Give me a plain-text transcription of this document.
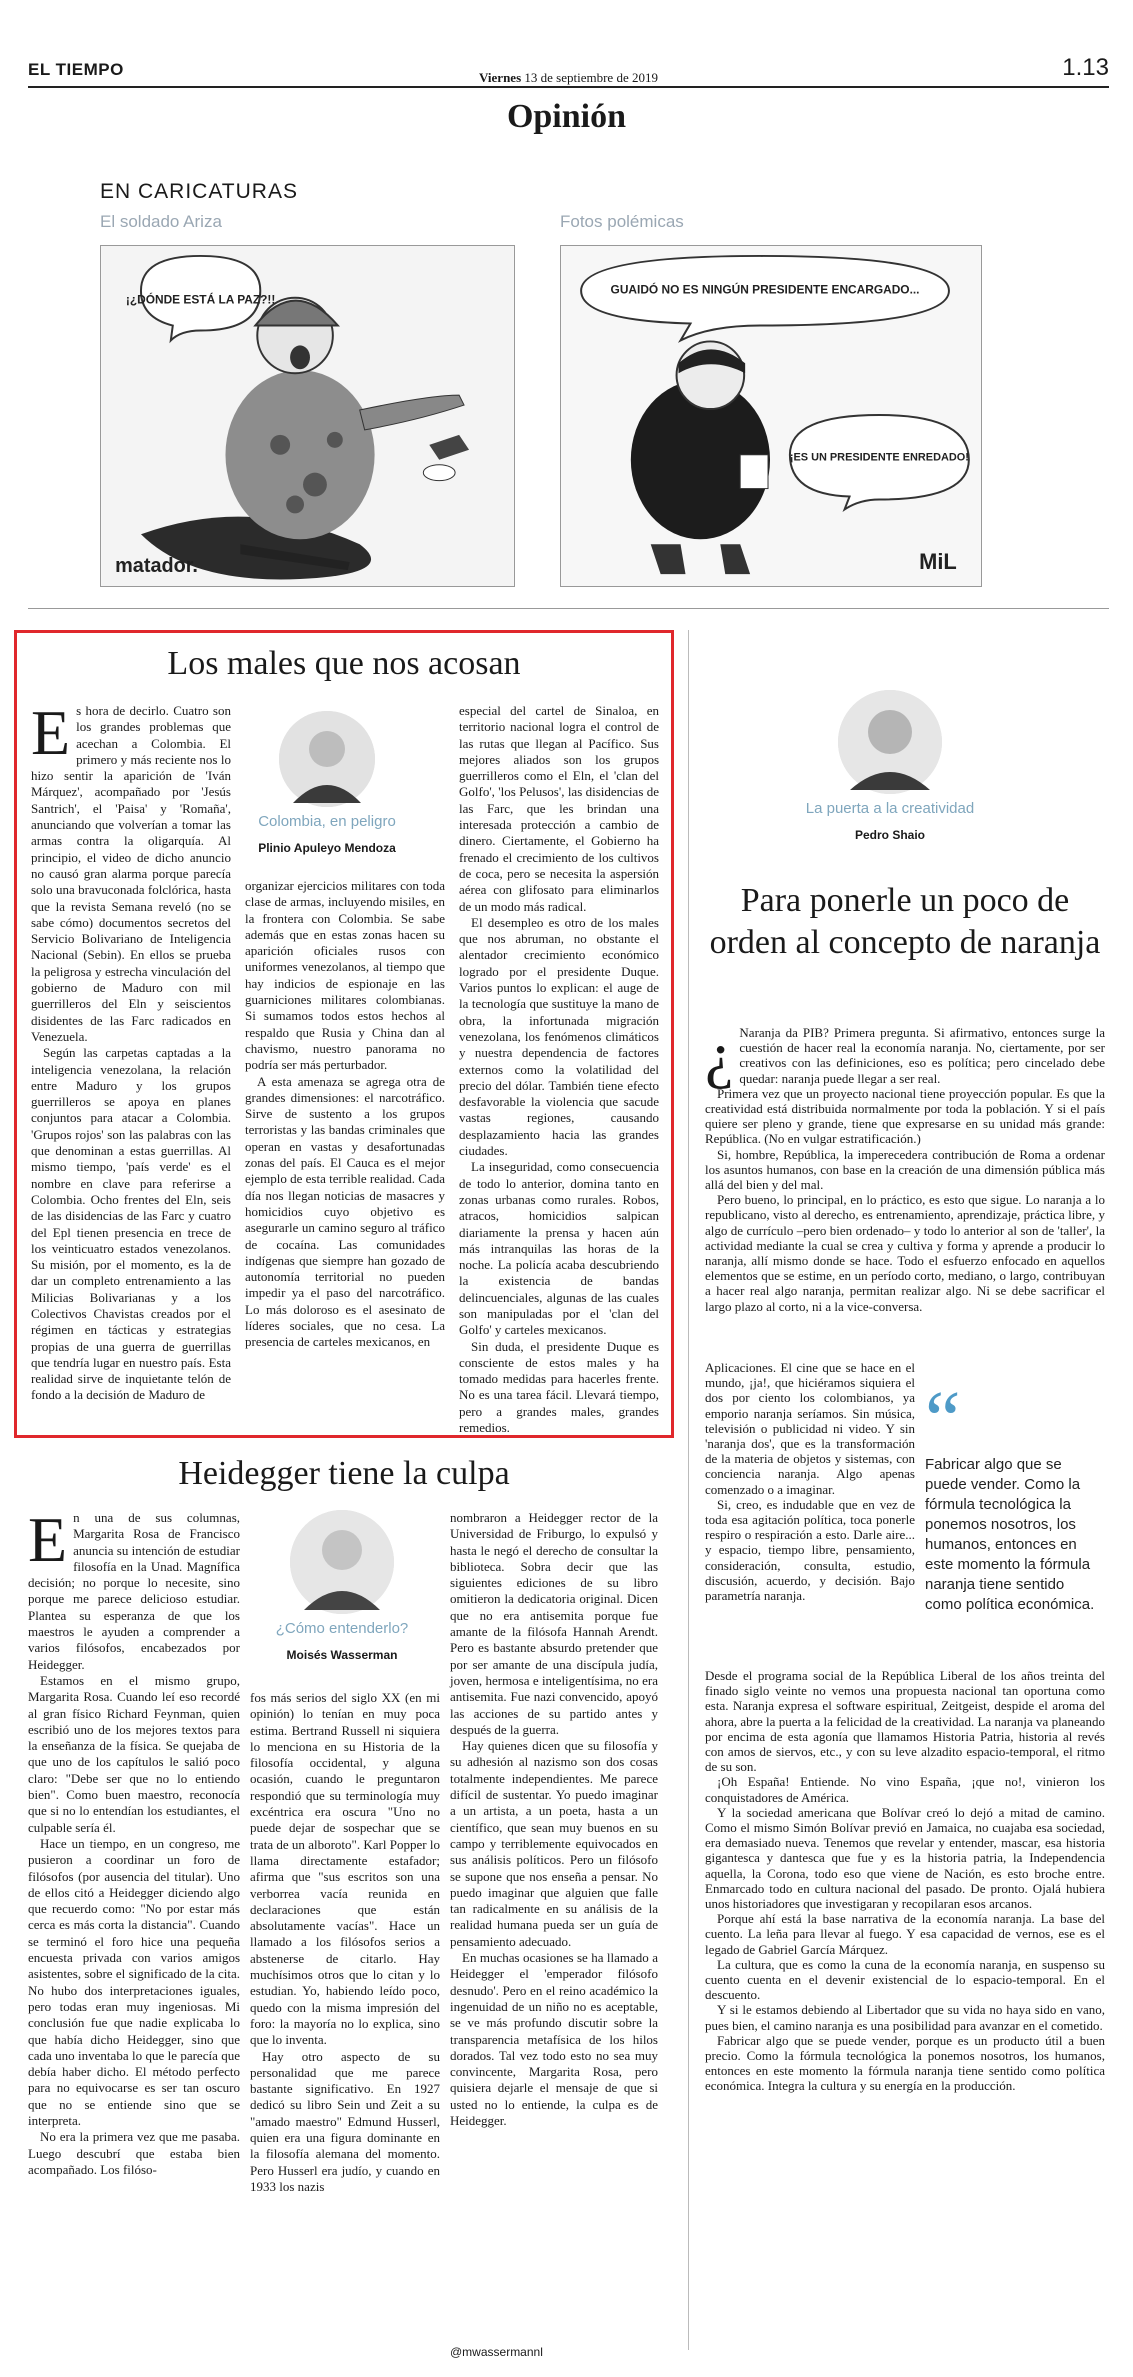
EL TIEMPO	Viernes 13 de septiembre de 2019	1.13
Opinión
EN CARICATURAS
El soldado Ariza	Fotos polémicas
¡¿DÓNDE ESTÁ LA PAZ?!!
matador.
GUAIDÓ NO ES NINGÚN PRESIDENTE ENCARGADO...
¡ES UN PRESIDENTE ENREDADO!
MiL
Los males que nos acosan
Colombia, en peligro
Plinio Apuleyo Mendoza

Es hora de decirlo. Cuatro son los grandes problemas que acechan a Colombia. El primero y más reciente nos lo hizo sentir la aparición de 'Iván Márquez', acompañado por 'Jesús Santrich', el 'Paisa' y 'Romaña', anunciando que volverían a tomar las armas contra la oligarquía. Al principio, el video de dicho anuncio no causó gran alarma porque parecía solo una bravuconada folclórica, hasta que la revista Semana reveló (no se sabe cómo) documentos secretos del Servicio Bolivariano de Inteligencia Nacional (Sebin). En ellos se prueba la peligrosa y estrecha vinculación del gobierno de Maduro con mil guerrilleros del Eln y seiscientos disidentes de las Farc radicados en Venezuela.

Según las carpetas captadas a la inteligencia venezolana, la relación entre Maduro y los grupos guerrilleros se apoya en planes conjuntos para atacar a Colombia. 'Grupos rojos' son las palabras con las que denominan a estas guerrillas. Al mismo tiempo, 'país verde' es el nombre en clave para referirse a Colombia. Ocho frentes del Eln, seis de las disidencias de las Farc y cuatro del Epl tienen presencia en trece de los veinticuatro estados venezolanos. Su misión, por el momento, es la de dar un completo entrenamiento a las Milicias Bolivarianas y a los Colectivos Chavistas creados por el régimen en tácticas y estrategias propias de una guerra de guerrillas que tendría lugar en nuestro país. Esta realidad sirve de inquietante telón de fondo a la decisión de Maduro de

organizar ejercicios militares con toda clase de armas, incluyendo misiles, en la frontera con Colombia. Se sabe además que en estas zonas hacen su aparición oficiales rusos con uniformes venezolanos, al tiempo que hay indicios de espionaje en las guarniciones militares colombianas. Si sumamos todos estos hechos al respaldo que Rusia y China dan al chavismo, nuestro panorama no podría ser más perturbador.

A esta amenaza se agrega otra de grandes dimensiones: el narcotráfico. Sirve de sustento a los grupos terroristas y las bandas criminales que operan en vastas y desafortunadas zonas del país. El Cauca es el mejor ejemplo de esta terrible realidad. Cada día nos llegan noticias de masacres y homicidios cuyo objetivo es asegurarle un camino seguro al tráfico de cocaína. Las comunidades indígenas que siempre han gozado de autonomía territorial no pueden impedir ya el paso del narcotráfico. Lo más doloroso es el asesinato de líderes sociales, que no cesa. La presencia de carteles mexicanos, en

especial del cartel de Sinaloa, en territorio nacional logra el control de las rutas que llegan al Pacífico. Sus mejores aliados son los grupos guerrilleros como el Eln, el 'clan del Golfo', 'los Pelusos', las disidencias de las Farc, que les brindan una interesada protección a cambio de dinero. Ciertamente, el Gobierno ha frenado el crecimiento de los cultivos de coca, pero se necesita la aspersión aérea con glifosato para eliminarlos de un modo más radical.

El desempleo es otro de los males que nos abruman, no obstante el alentador crecimiento económico logrado por el presidente Duque. Varios puntos lo explican: el auge de la tecnología que sustituye la mano de obra, la infortunada migración venezolana, los fenómenos climáticos y nuestra dependencia de factores externos como la volatilidad del precio del dólar. También tiene efecto desfavorable la violencia que sacude vastas regiones, causando desplazamiento hacia las grandes ciudades.

La inseguridad, como consecuencia de todo lo anterior, domina tanto en zonas urbanas como rurales. Robos, atracos, homicidios salpican diariamente la prensa y hacen aún más intranquilas las horas de la noche. La policía acaba descubriendo la existencia de bandas delincuenciales, algunas de las cuales son manipuladas por el 'clan del Golfo' y carteles mexicanos.

Sin duda, el presidente Duque es consciente de estos males y ha tomado medidas para hacerles frente. No es una tarea fácil. Llevará tiempo, pero a grandes males, grandes remedios.

Heidegger tiene la culpa
¿Cómo entenderlo?
Moisés Wasserman

En una de sus columnas, Margarita Rosa de Francisco anuncia su intención de estudiar filosofía en la Unad. Magnífica decisión; no porque lo necesite, sino porque me parece delicioso estudiar. Plantea su esperanza de que los maestros le ayuden a comprender a varios filósofos, encabezados por Heidegger.

Estamos en el mismo grupo, Margarita Rosa. Cuando leí eso recordé al gran físico Richard Feynman, quien escribió uno de los mejores textos para la enseñanza de la física. Se quejaba de que uno de los capítulos le salió poco claro: "Debe ser que no lo entiendo bien". Como buen maestro, reconocía que si no lo entendían los estudiantes, el culpable sería él.

Hace un tiempo, en un congreso, me pusieron a coordinar un foro de filósofos (por ausencia del titular). Uno de ellos citó a Heidegger diciendo algo que recuerdo como: "No por estar más cerca es más corta la distancia". Cuando se terminó el foro hice una pequeña encuesta privada con varios amigos asistentes, sobre el significado de la cita. No hubo dos interpretaciones iguales, pero todas eran muy ingeniosas. Mi conclusión fue que nadie explicaba lo que había dicho Heidegger, sino que cada uno inventaba lo que le parecía que debía haber dicho. El método perfecto para no equivocarse es ser tan oscuro que no se entiende sino que se interpreta.

No era la primera vez que me pasaba. Luego descubrí que estaba bien acompañado. Los filóso-

fos más serios del siglo XX (en mi opinión) lo tenían en muy poca estima. Bertrand Russell ni siquiera lo menciona en su Historia de la filosofía occidental, y alguna ocasión, cuando le preguntaron respondió que su terminología muy excéntrica era oscura "Uno no puede dejar de sospechar que se trata de un alboroto". Karl Popper lo llama directamente estafador; afirma que "sus escritos son una verborrea vacía reunida en declaraciones que están absolutamente vacías". Hace un llamado a los filósofos serios a abstenerse de citarlo. Hay muchísimos otros que lo citan y lo estudian. Yo, habiendo leído poco, quedo con la misma impresión del foro: la mayoría no lo explica, sino que lo inventa.

Hay otro aspecto de su personalidad que me parece bastante significativo. En 1927 dedicó su libro Sein und Zeit a su "amado maestro" Edmund Husserl, quien era una figura dominante en la filosofía alemana del momento. Pero Husserl era judío, y cuando en 1933 los nazis

nombraron a Heidegger rector de la Universidad de Friburgo, lo expulsó y hasta le negó el derecho de consultar la biblioteca. Sobra decir que las siguientes ediciones de su libro omitieron la dedicatoria original. Dicen que no era antisemita porque fue amante de la filósofa Hannah Arendt. Pero es bastante absurdo pretender que por ser amante de una discípula judía, joven, hermosa e inteligentísima, no era antisemita. Fue nazi convencido, apoyó las acciones de su partido antes y después de la guerra.

Hay quienes dicen que su filosofía y su adhesión al nazismo son dos cosas totalmente independientes. Me parece difícil de sustentar. Yo puedo imaginar a un artista, a un poeta, hasta a un científico, que sean muy buenos en su campo y terriblemente equivocados en sus análisis políticos. Pero un filósofo se supone que nos enseña a pensar. No puedo imaginar que alguien que falle tan radicalmente en su análisis de la realidad humana pueda ser un guía de pensamiento adecuado.

En muchas ocasiones se ha llamado a Heidegger el 'emperador filósofo desnudo'. Pero en el reino académico la ingenuidad de un niño no es aceptable, se ve más profundo discutir sobre la transparencia metafísica de los hilos dorados. Tal vez todo esto no sea muy convincente, Margarita Rosa, pero quisiera dejarle el mensaje de que si usted no lo entiende, la culpa es de Heidegger.

@mwassermannl
La puerta a la creatividad
Pedro Shaio
Para ponerle un poco de orden al concepto de naranja

¿ Naranja da PIB? Primera pregunta. Si afirmativo, entonces surge la cuestión de hacer real la economía naranja. No, ciertamente, por ser creativos con las definiciones, eso es política; pero cincelado debe quedar: naranja puede llegar a ser real.

Primera vez que un proyecto nacional tiene proyección popular. Es que la creatividad está distribuida normalmente por toda la población. Y si el país quiere ser pleno y grande, tiene que expresarse en su unidad más grande: República. (No en vulgar estratificación.)

Si, hombre, República, la imperecedera contribución de Roma a ordenar los asuntos humanos, con base en la creación de una dimensión pública más allá del bien y del mal.

Pero bueno, lo principal, en lo práctico, es esto que sigue. Lo naranja a lo republicano, visto al derecho, es entrenamiento, aprendizaje, práctica libre, y algo de currículo –pero bien ordenado– y todo lo anterior al son de 'taller', la actividad mediante la cual se crea y cultiva y forma y aprende a producir lo naranja, allí mismo donde se hace. Todo el esfuerzo enfocado en aquellos elementos que se estime, en un período corto, mediano, o largo, contribuyan a hacer real algo naranja, permitan realizar algo. Ni se debe sacrificar el largo plazo al corto, ni a la vice-conversa.

Aplicaciones. El cine que se hace en el mundo, ¡ja!, que hiciéramos siquiera el dos por ciento los colombianos, ya emporio naranja seríamos. Sin música, televisión o publicidad ni video. Y sin 'naranja dos', que es la transformación de la materia de objetos y sistemas, con conciencia naranja. Algo apenas comenzado o a imaginar.

Si, creo, es indudable que en vez de toda esa agitación política, toca ponerle respiro o respiración a esto. Darle aire... y espacio, tiempo libre, pensamiento, consideración, consulta, estudio, discusión, acuerdo, y decisión. Bajo parametría naranja.

“
Fabricar algo que se puede vender. Como la fórmula tecnológica la ponemos nosotros, los humanos, entonces en este momento la fórmula naranja tiene sentido como política económica.

Desde el programa social de la República Liberal de los años treinta del finado siglo veinte no vemos una propuesta nacional tan oportuna como esta. Naranja expresa el software espiritual, Zeitgeist, despide el aroma del ahora, abre la puerta a la felicidad de la creatividad. La naranja va planeando por encima de esta agonía que llamamos Historia Patria, historia al revés con amos de siervos, etc., y con su leve alzadito espacio-temporal, el ritmo de su son.

¡Oh España! Entiende. No vino España, ¡que no!, vinieron los conquistadores de América.

Y la sociedad americana que Bolívar creó lo dejó a mitad de camino. Como el mismo Simón Bolívar previó en Jamaica, no cuajaba esa sociedad, era demasiado nueva. Tenemos que revelar y entender, mascar, esa historia gigantesca y dantesca que fue y es la historia patria, la Independencia aquella, la Corona, todo eso que viene de Nación, es esto broche entre. Enmarcado todo en cultura nacional del pasado. De pronto. Ojalá hubiera unos historiadores que investigaran y recopilaran esos arcanos.

Porque ahí está la base narrativa de la economía naranja. La base del cuento. La leña para llevar al fuego. Y esa capacidad de vernos, ese es el legado de Gabriel García Márquez.

La cultura, que es como la cuna de la economía naranja, en suspenso su cuento cuenta en el devenir existencial de lo espacio-temporal. En el descuento.

Y si le estamos debiendo al Libertador que su vida no haya sido en vano, pues bien, el camino naranja es una posibilidad para avanzar en el cometido.

Fabricar algo que se puede vender, porque es un producto útil a buen precio. Como la fórmula tecnológica la ponemos nosotros, los humanos, entonces en este momento la fórmula naranja tiene sentido como política económica. Integra la cultura y su energía en la producción.
